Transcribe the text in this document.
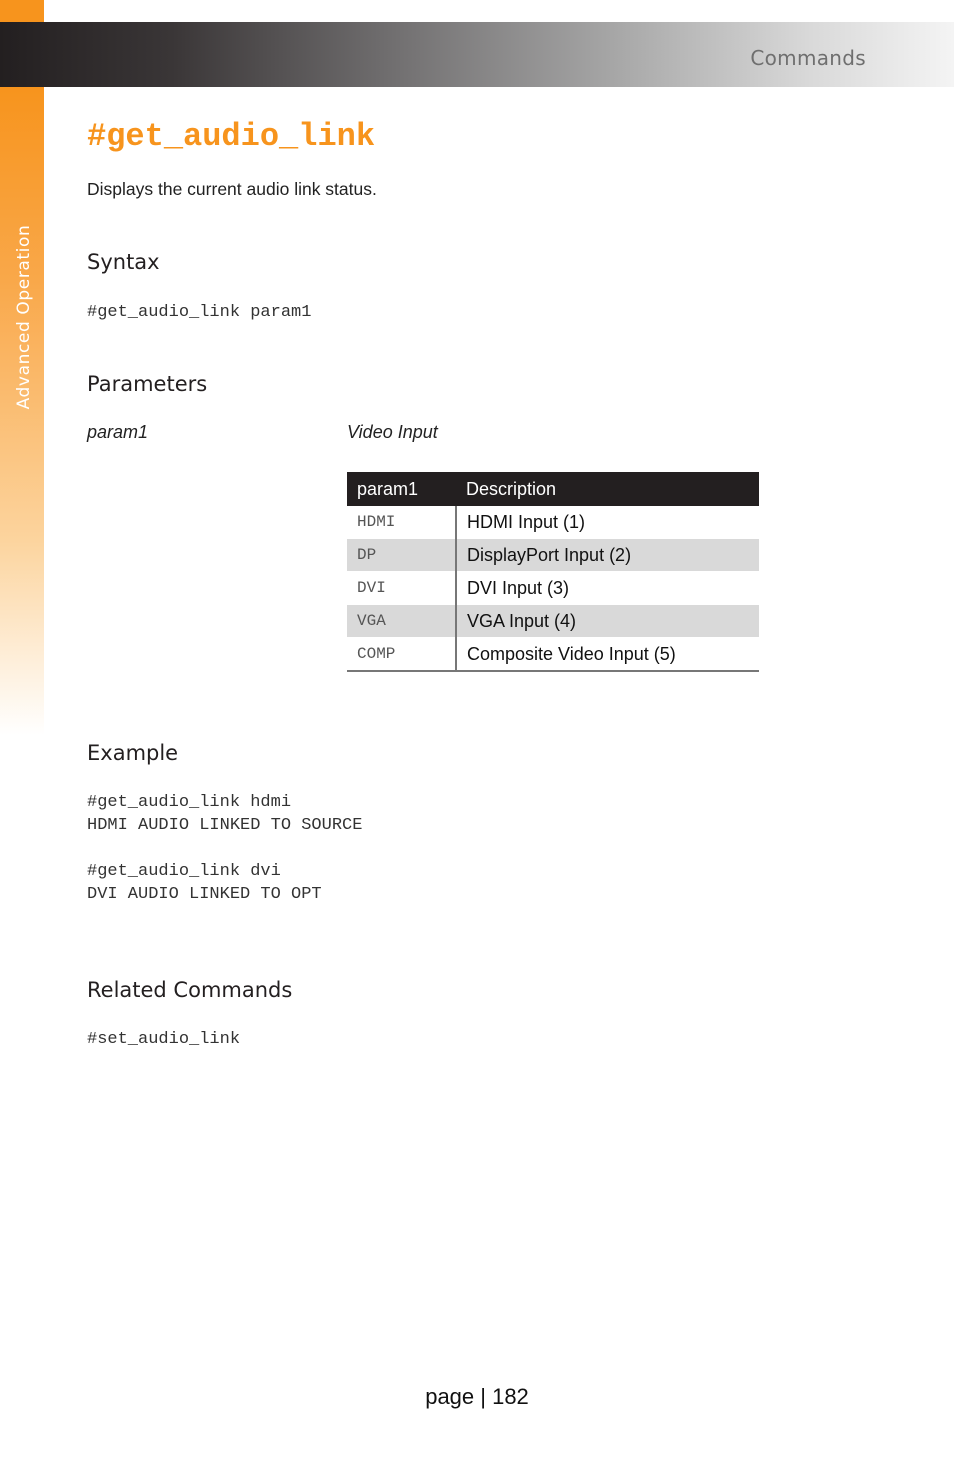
Commands
Advanced Operation
#get_audio_link
Displays the current audio link status.
Syntax
#get_audio_link param1
Parameters
param1	Video Input
param1	Description
HDMI	HDMI Input (1)
DP	DisplayPort Input (2)
DVI	DVI Input (3)
VGA	VGA Input (4)
COMP	Composite Video Input (5)
Example
#get_audio_link hdmi
HDMI AUDIO LINKED TO SOURCE
#get_audio_link dvi
DVI AUDIO LINKED TO OPT
Related Commands
#set_audio_link
page | 182
